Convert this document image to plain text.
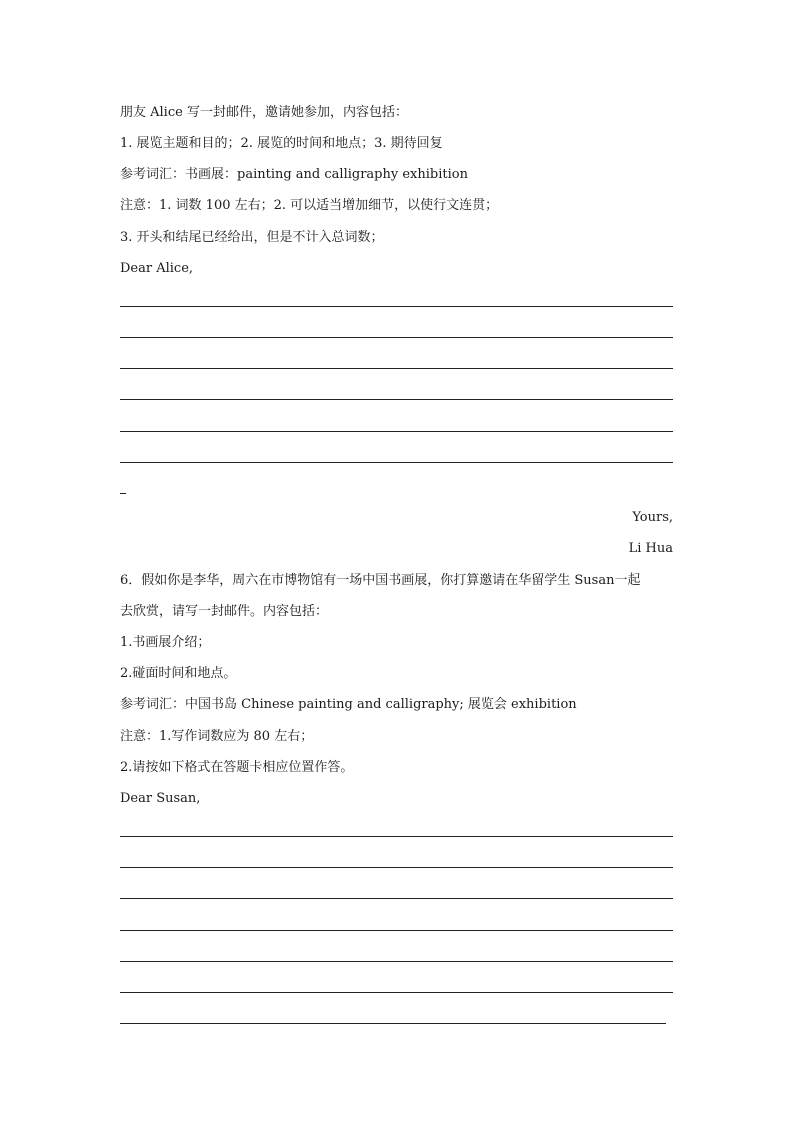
朋友 Alice 写一封邮件，邀请她参加，内容包括：
1. 展览主题和目的；2. 展览的时间和地点；3. 期待回复
参考词汇：书画展：painting and calligraphy exhibition
注意：1. 词数 100 左右；2. 可以适当增加细节，以使行文连贯；
3. 开头和结尾已经给出，但是不计入总词数；
Dear Alice,
Yours,
Li Hua
6．假如你是李华，周六在市博物馆有一场中国书画展，你打算邀请在华留学生 Susan一起
去欣赏，请写一封邮件。内容包括：
1.书画展介绍；
2.碰面时间和地点。
参考词汇：中国书岛 Chinese painting and calligraphy; 展览会 exhibition
注意：1.写作词数应为 80 左右；
2.请按如下格式在答题卡相应位置作答。
Dear Susan,
